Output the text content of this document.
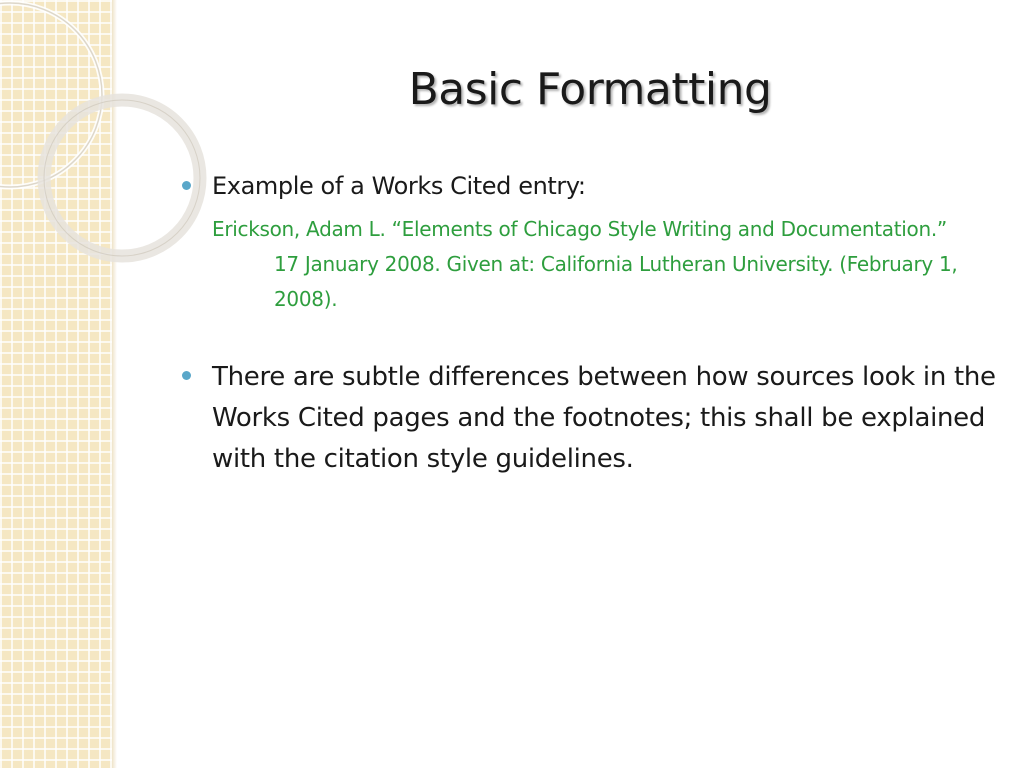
Basic Formatting
Example of a Works Cited entry:
Erickson, Adam L. “Elements of Chicago Style Writing and Documentation.” 17 January 2008. Given at: California Lutheran University. (February 1, 2008).
There are subtle differences between how sources look in the Works Cited pages and the footnotes; this shall be explained with the citation style guidelines.
